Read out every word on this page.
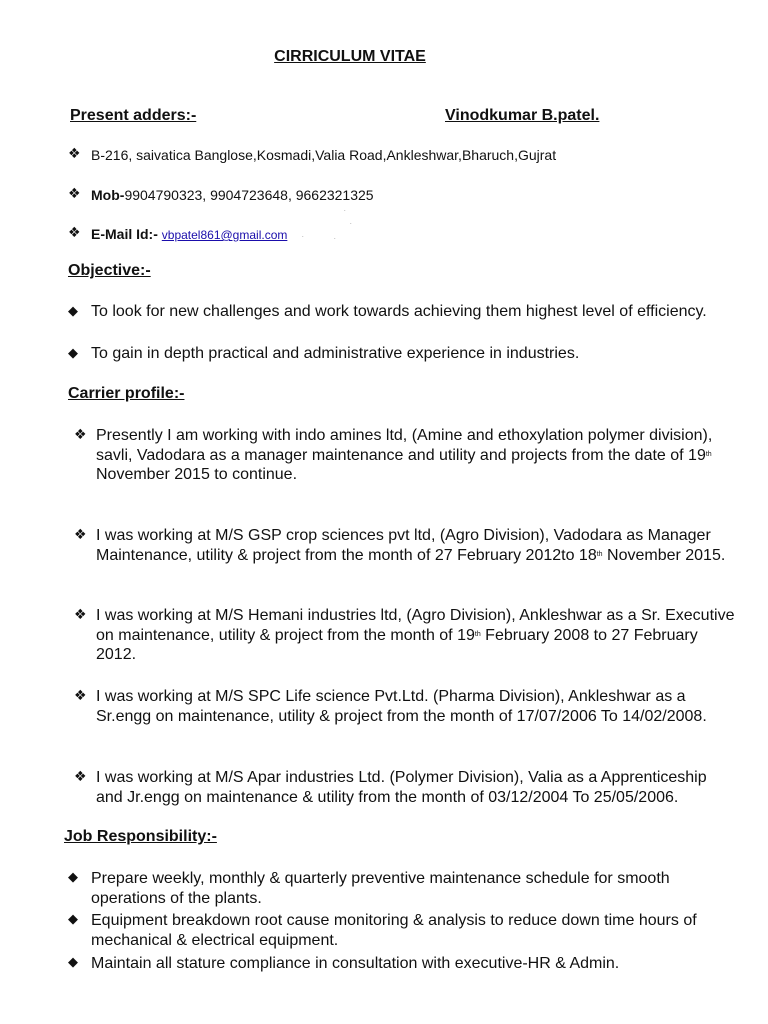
CIRRICULUM VITAE
Present adders:-	Vinodkumar B.patel.
❖ B-216, saivatica Banglose,Kosmadi,Valia Road,Ankleshwar,Bharuch,Gujrat
❖ Mob-9904790323, 9904723648, 9662321325
.
.
❖ E-Mail Id:- vbpatel861@gmail.com .	.
Objective:-
◆ To look for new challenges and work towards achieving them highest level of efficiency.
◆ To gain in depth practical and administrative experience in industries.
Carrier profile:-
❖ Presently I am working with indo amines ltd, (Amine and ethoxylation polymer division), savli, Vadodara as a manager maintenance and utility and projects from the date of 19th November 2015 to continue.
❖ I was working at M/S GSP crop sciences pvt ltd, (Agro Division), Vadodara as Manager Maintenance, utility & project from the month of 27 February 2012to 18th November 2015.
❖ I was working at M/S Hemani industries ltd, (Agro Division), Ankleshwar as a Sr. Executive on maintenance, utility & project from the month of 19th February 2008 to 27 February 2012.
❖ I was working at M/S SPC Life science Pvt.Ltd. (Pharma Division), Ankleshwar as a Sr.engg on maintenance, utility & project from the month of 17/07/2006 To 14/02/2008.
❖ I was working at M/S Apar industries Ltd. (Polymer Division), Valia as a Apprenticeship and Jr.engg on maintenance & utility from the month of 03/12/2004 To 25/05/2006.
Job Responsibility:-
◆ Prepare weekly, monthly & quarterly preventive maintenance schedule for smooth operations of the plants.
◆ Equipment breakdown root cause monitoring & analysis to reduce down time hours of mechanical & electrical equipment.
◆ Maintain all stature compliance in consultation with executive-HR & Admin.
